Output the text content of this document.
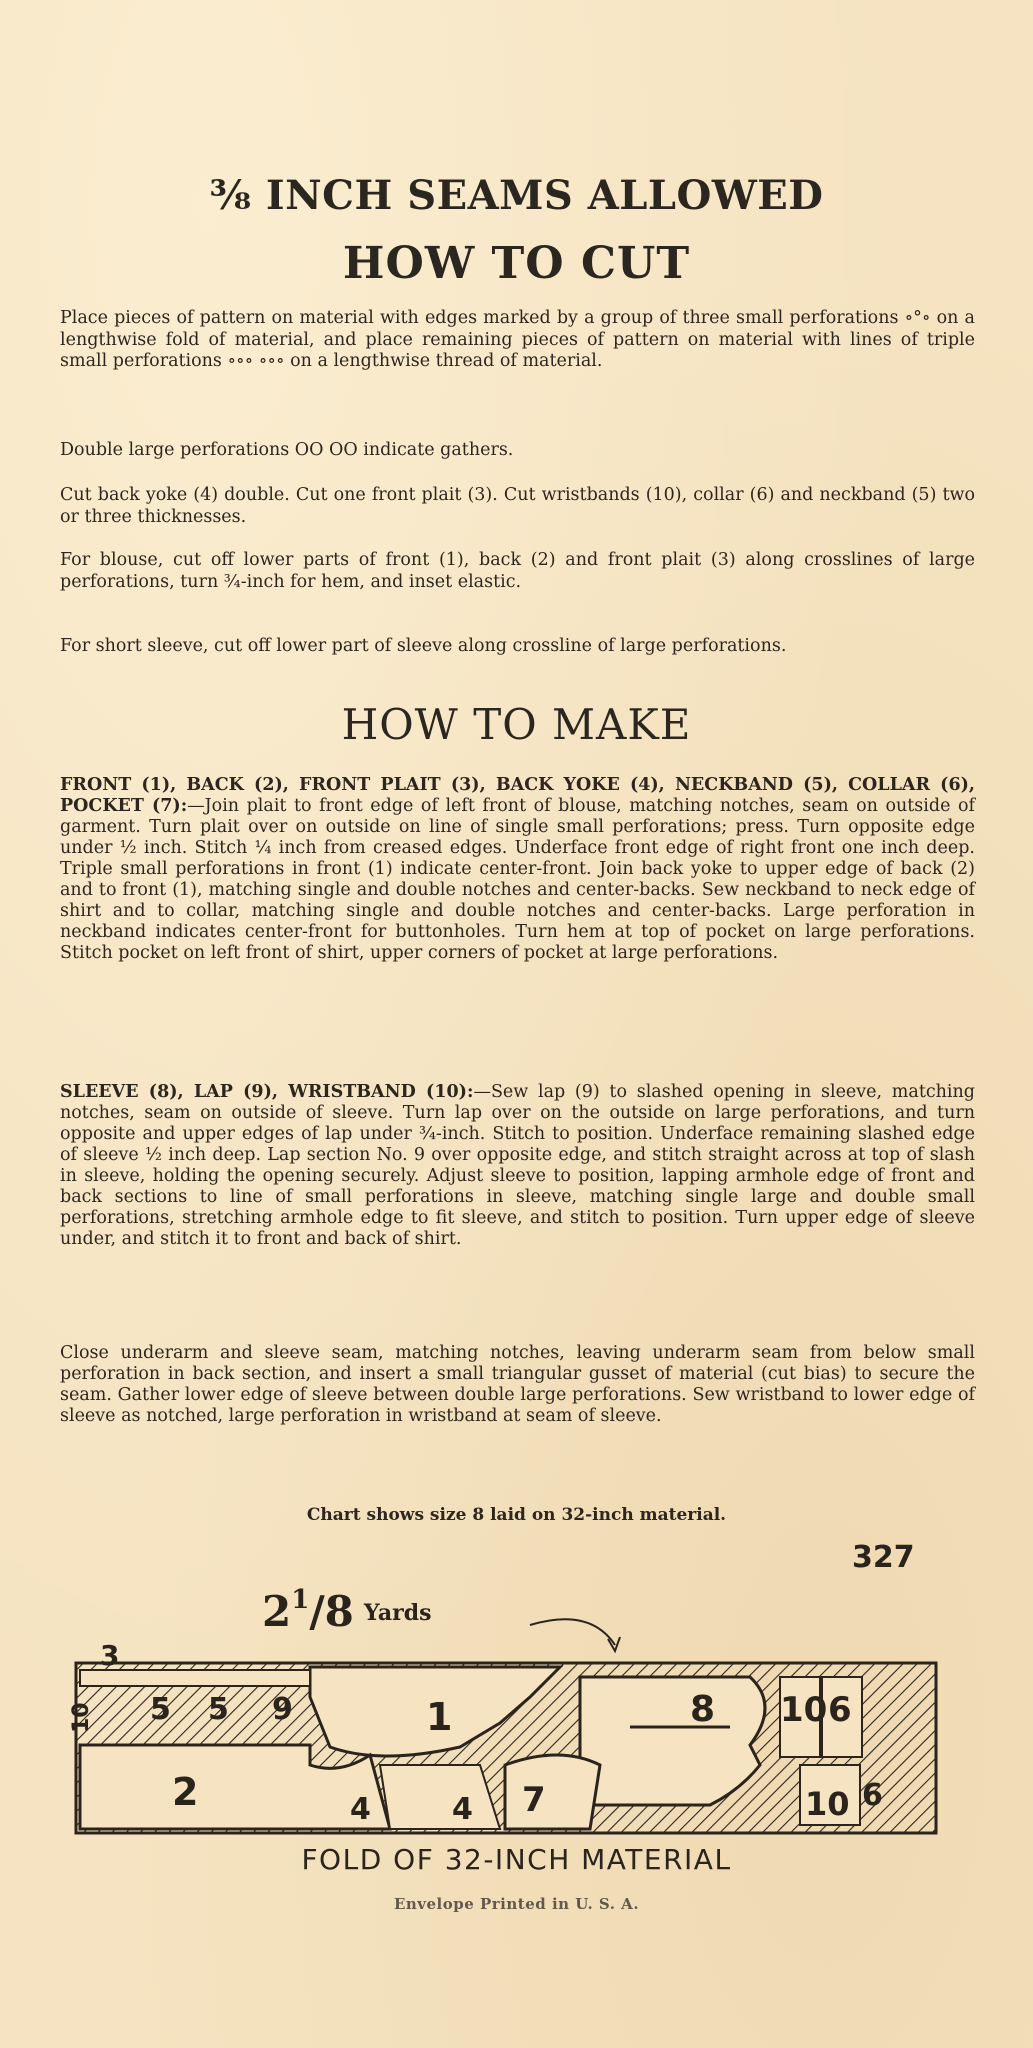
⅜ INCH SEAMS ALLOWED
HOW TO CUT
Place pieces of pattern on material with edges marked by a group of three small perforations ∘°∘ on a lengthwise fold of material, and place remaining pieces of pattern on material with lines of triple small perforations ∘∘∘ ∘∘∘ on a lengthwise thread of material.
Double large perforations OO OO indicate gathers.
Cut back yoke (4) double. Cut one front plait (3). Cut wristbands (10), collar (6) and neckband (5) two or three thicknesses.
For blouse, cut off lower parts of front (1), back (2) and front plait (3) along crosslines of large perforations, turn ¾-inch for hem, and inset elastic.
For short sleeve, cut off lower part of sleeve along crossline of large perforations.
HOW TO MAKE
FRONT (1), BACK (2), FRONT PLAIT (3), BACK YOKE (4), NECKBAND (5), COLLAR (6), POCKET (7):—Join plait to front edge of left front of blouse, matching notches, seam on outside of garment. Turn plait over on outside on line of single small perforations; press. Turn opposite edge under ½ inch. Stitch ¼ inch from creased edges. Underface front edge of right front one inch deep. Triple small perforations in front (1) indicate center-front. Join back yoke to upper edge of back (2) and to front (1), matching single and double notches and center-backs. Sew neckband to neck edge of shirt and to collar, matching single and double notches and center-backs. Large perforation in neckband indicates center-front for buttonholes. Turn hem at top of pocket on large perforations. Stitch pocket on left front of shirt, upper corners of pocket at large perforations.
SLEEVE (8), LAP (9), WRISTBAND (10):—Sew lap (9) to slashed opening in sleeve, matching notches, seam on outside of sleeve. Turn lap over on the outside on large perforations, and turn opposite and upper edges of lap under ¾-inch. Stitch to position. Underface remaining slashed edge of sleeve ½ inch deep. Lap section No. 9 over opposite edge, and stitch straight across at top of slash in sleeve, holding the opening securely. Adjust sleeve to position, lapping armhole edge of front and back sections to line of small perforations in sleeve, matching single large and double small perforations, stretching armhole edge to fit sleeve, and stitch to position. Turn upper edge of sleeve under, and stitch it to front and back of shirt.
Close underarm and sleeve seam, matching notches, leaving underarm seam from below small perforation in back section, and insert a small triangular gusset of material (cut bias) to secure the seam. Gather lower edge of sleeve between double large perforations. Sew wristband to lower edge of sleeve as notched, large perforation in wristband at seam of sleeve.
Chart shows size 8 laid on 32-inch material.
327
$2^1/8$ Yards
3
1
2
5 5 9
4	4 7
8 10 6
10 6
10
FOLD OF 32-INCH MATERIAL
Envelope Printed in U. S. A.
